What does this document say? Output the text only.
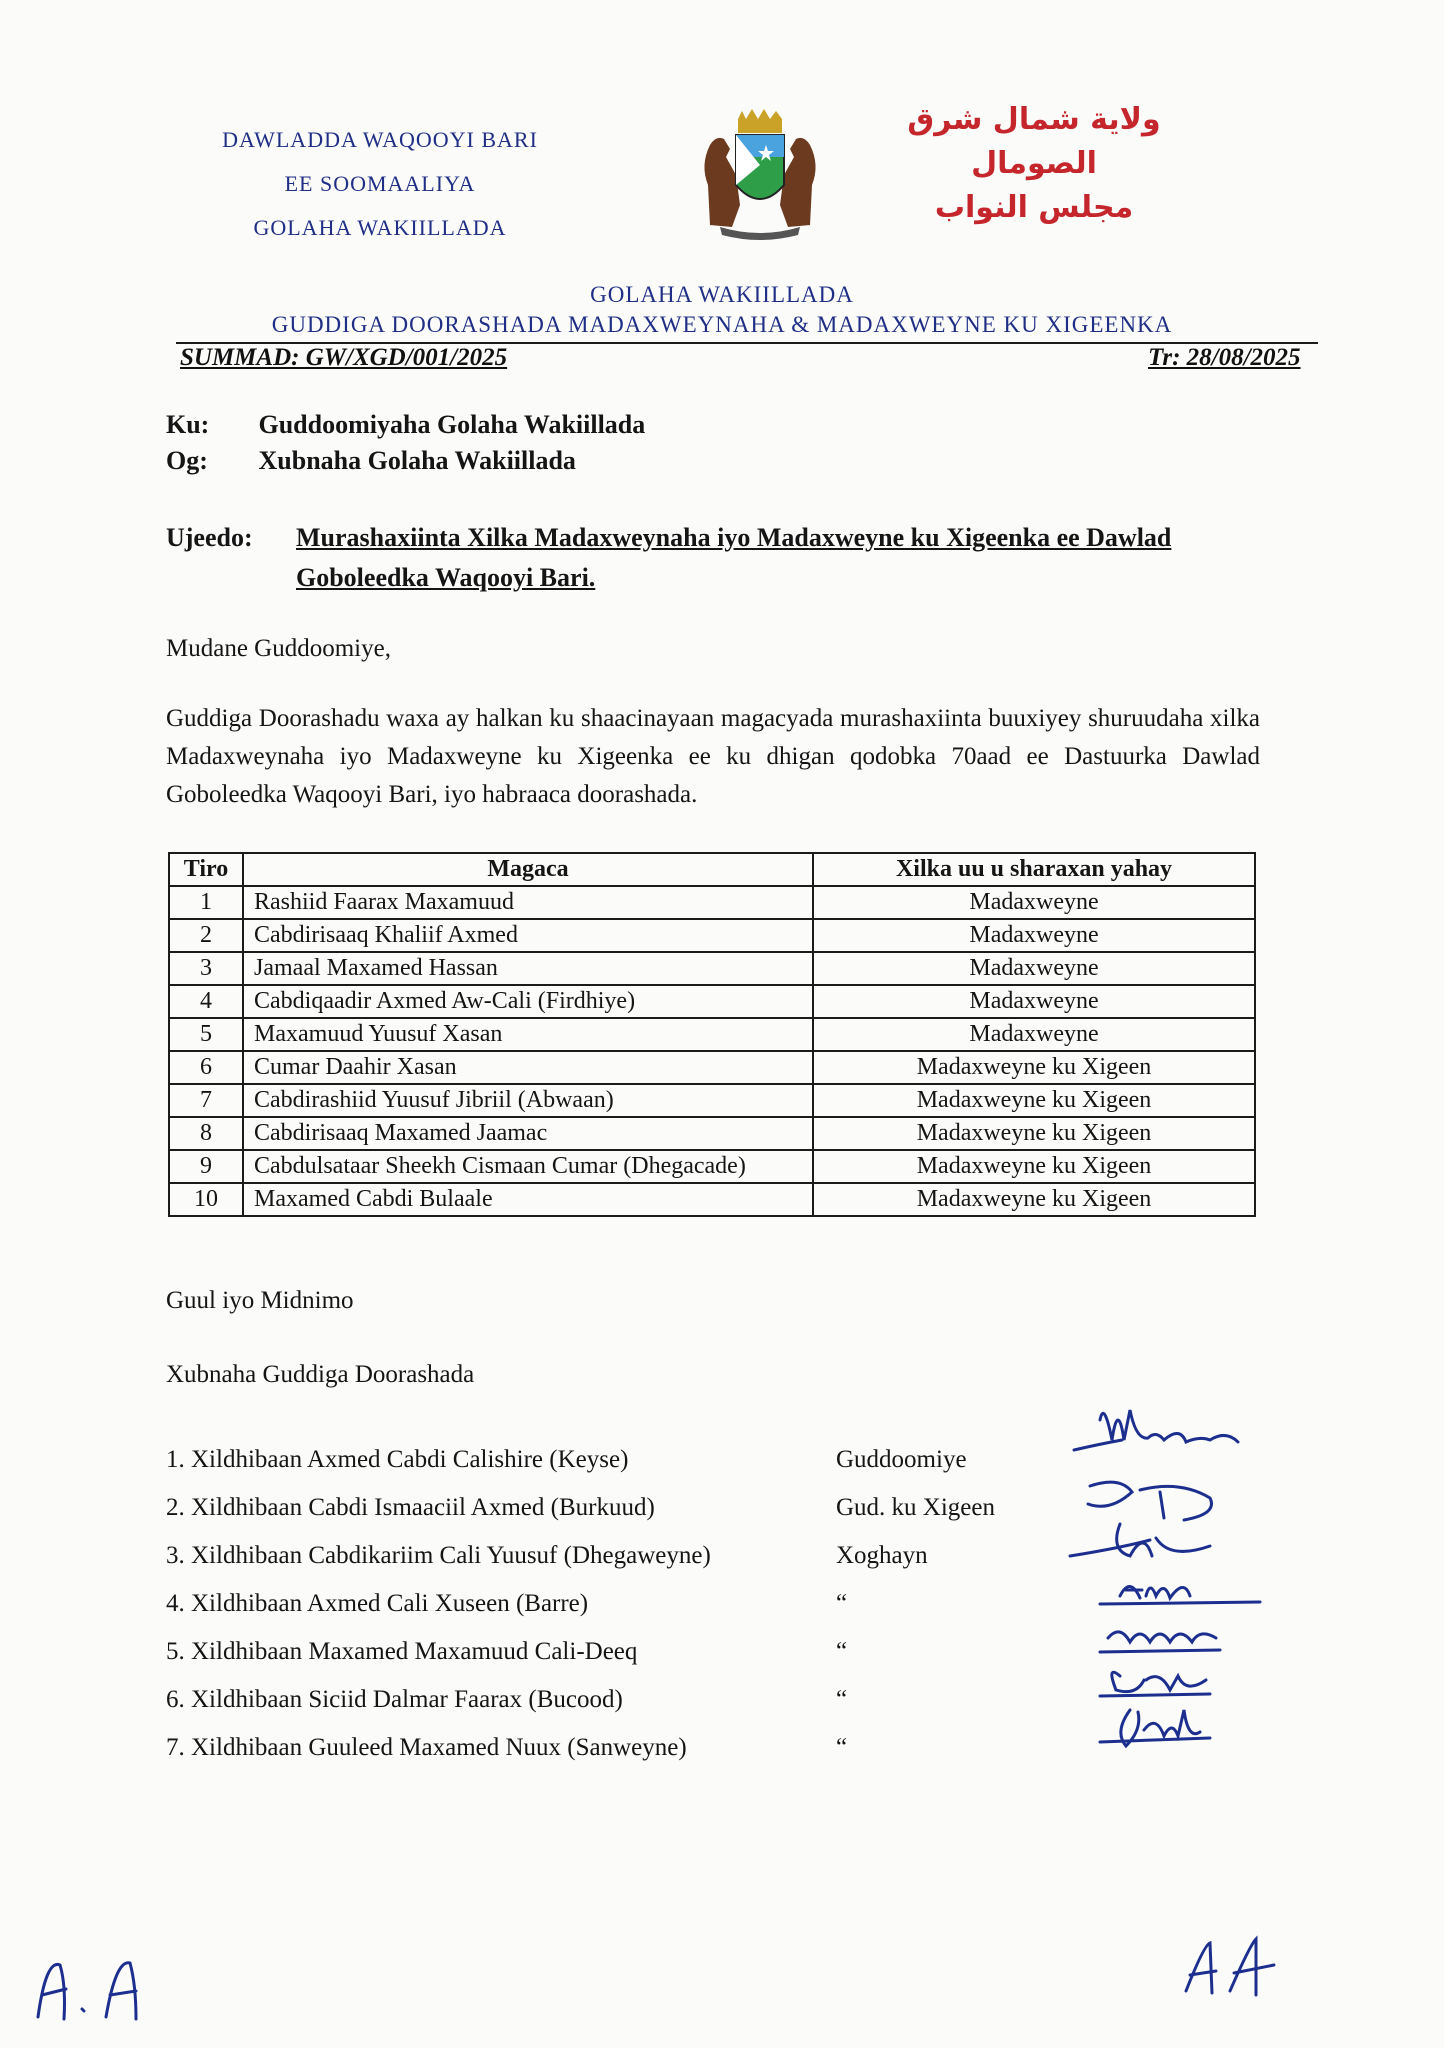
DAWLADDA WAQOOYI BARI
EE SOOMAALIYA
GOLAHA WAKIILLADA
ولاية شمال شرق
الصومال
مجلس النواب
GOLAHA WAKIILLADA
GUDDIGA DOORASHADA MADAXWEYNAHA & MADAXWEYNE KU XIGEENKA
SUMMAD: GW/XGD/001/2025	Tr: 28/08/2025
Ku: Guddoomiyaha Golaha Wakiillada
Og: Xubnaha Golaha Wakiillada
Ujeedo: Murashaxiinta Xilka Madaxweynaha iyo Madaxweyne ku Xigeenka ee Dawlad
Goboleedka Waqooyi Bari.
Mudane Guddoomiye,
Guddiga Doorashadu waxa ay halkan ku shaacinayaan magacyada murashaxiinta buuxiyey shuruudaha xilka Madaxweynaha iyo Madaxweyne ku Xigeenka ee ku dhigan qodobka 70aad ee Dastuurka Dawlad Goboleedka Waqooyi Bari, iyo habraaca doorashada.
Tiro	Magaca	Xilka uu u sharaxan yahay
1	Rashiid Faarax Maxamuud	Madaxweyne
2	Cabdirisaaq Khaliif Axmed	Madaxweyne
3	Jamaal Maxamed Hassan	Madaxweyne
4	Cabdiqaadir Axmed Aw-Cali (Firdhiye)	Madaxweyne
5	Maxamuud Yuusuf Xasan	Madaxweyne
6	Cumar Daahir Xasan	Madaxweyne ku Xigeen
7	Cabdirashiid Yuusuf Jibriil (Abwaan)	Madaxweyne ku Xigeen
8	Cabdirisaaq Maxamed Jaamac	Madaxweyne ku Xigeen
9	Cabdulsataar Sheekh Cismaan Cumar (Dhegacade)	Madaxweyne ku Xigeen
10	Maxamed Cabdi Bulaale	Madaxweyne ku Xigeen
Guul iyo Midnimo
Xubnaha Guddiga Doorashada
1. Xildhibaan Axmed Cabdi Calishire (Keyse)	Guddoomiye
2. Xildhibaan Cabdi Ismaaciil Axmed (Burkuud)	Gud. ku Xigeen
3. Xildhibaan Cabdikariim Cali Yuusuf (Dhegaweyne)	Xoghayn
4. Xildhibaan Axmed Cali Xuseen (Barre)	“
5. Xildhibaan Maxamed Maxamuud Cali-Deeq	“
6. Xildhibaan Siciid Dalmar Faarax (Bucood)	“
7. Xildhibaan Guuleed Maxamed Nuux (Sanweyne)	“
